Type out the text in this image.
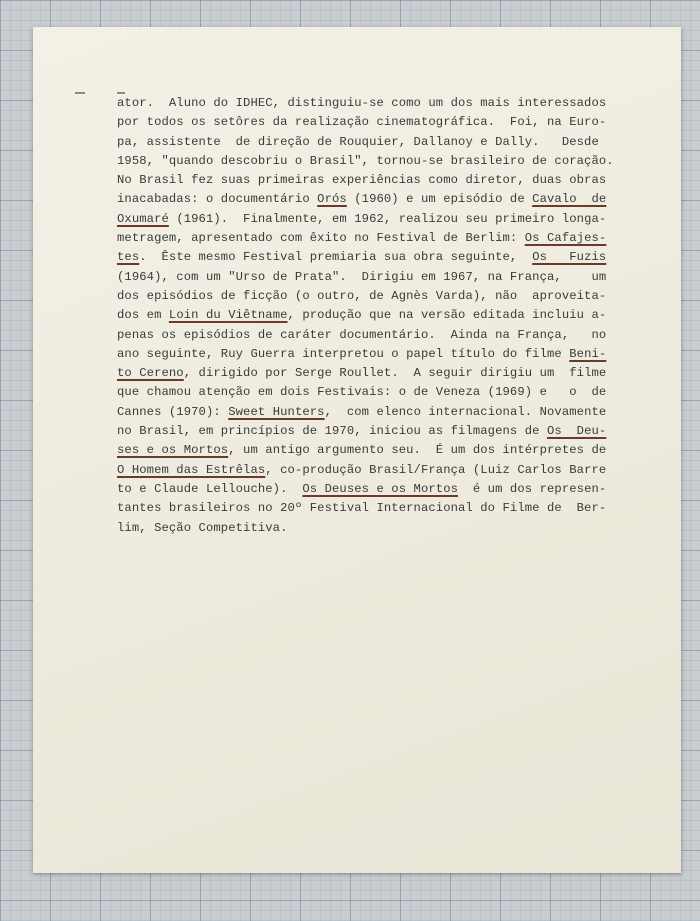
ator.  Aluno do IDHEC, distinguiu-se como um dos mais interessados
por todos os setôres da realização cinematográfica.  Foi, na Euro-
pa, assistente  de direção de Rouquier, Dallanoy e Dally.   Desde
1958, "quando descobriu o Brasil", tornou-se brasileiro de coração.
No Brasil fez suas primeiras experiências como diretor, duas obras
inacabadas: o documentário Orós (1960) e um episódio de Cavalo  de
Oxumaré (1961).  Finalmente, em 1962, realizou seu primeiro longa-
metragem, apresentado com êxito no Festival de Berlim: Os Cafajes-
tes.  Êste mesmo Festival premiaria sua obra seguinte,  Os   Fuzis
(1964), com um "Urso de Prata".  Dirigiu em 1967, na França,    um
dos episódios de ficção (o outro, de Agnès Varda), não  aproveita-
dos em Loin du Viêtname, produção que na versão editada incluiu a-
penas os episódios de caráter documentário.  Ainda na França,   no
ano seguinte, Ruy Guerra interpretou o papel título do filme Beni-
to Cereno, dirigido por Serge Roullet.  A seguir dirigiu um  filme
que chamou atenção em dois Festivais: o de Veneza (1969) e   o  de
Cannes (1970): Sweet Hunters,  com elenco internacional. Novamente
no Brasil, em princípios de 1970, iniciou as filmagens de Os  Deu-
ses e os Mortos, um antigo argumento seu.  É um dos intérpretes de
O Homem das Estrêlas, co-produção Brasil/França (Luiz Carlos Barre
to e Claude Lellouche).  Os Deuses e os Mortos  é um dos represen-
tantes brasileiros no 20º Festival Internacional do Filme de  Ber-
lim, Seção Competitiva.
